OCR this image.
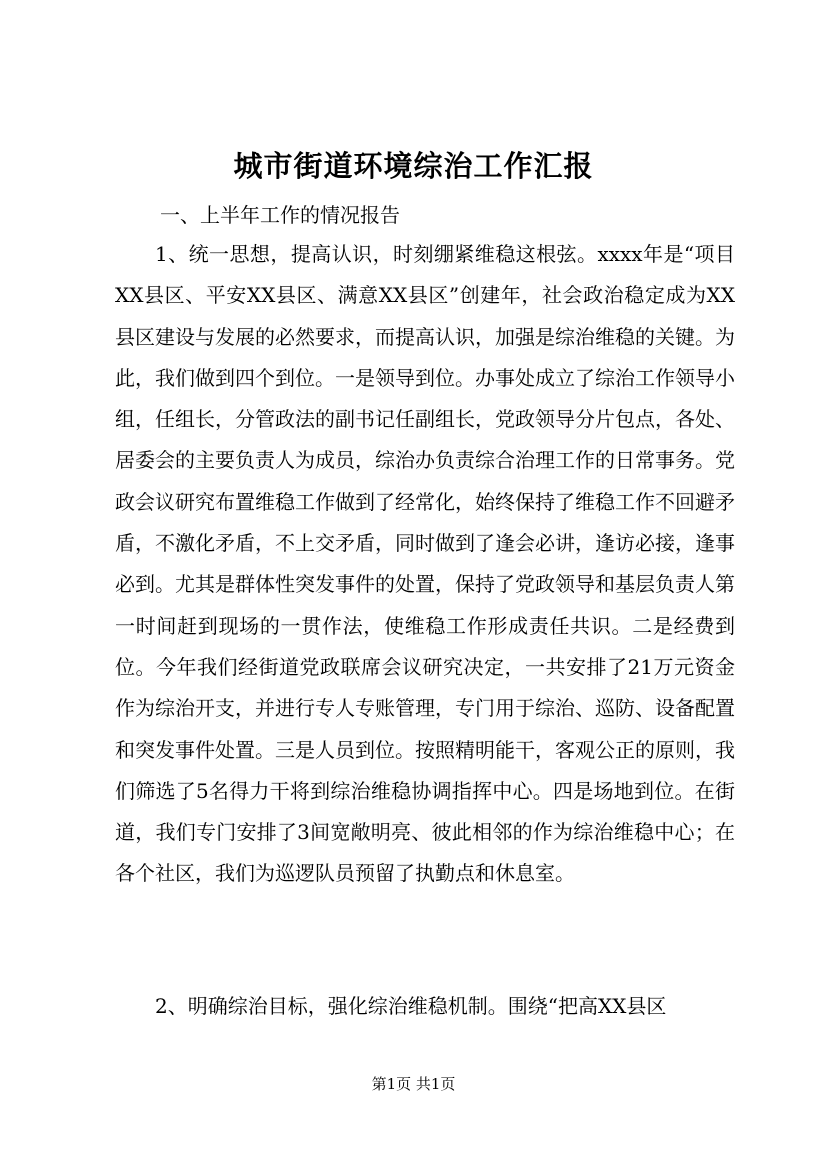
城市街道环境综治工作汇报
一、上半年工作的情况报告

1、统一思想，提高认识，时刻绷紧维稳这根弦。xxxx年是“项目XX县区、平安XX县区、满意XX县区”创建年，社会政治稳定成为XX县区建设与发展的必然要求，而提高认识，加强是综治维稳的关键。为此，我们做到四个到位。一是领导到位。办事处成立了综治工作领导小组，任组长，分管政法的副书记任副组长，党政领导分片包点，各处、居委会的主要负责人为成员，综治办负责综合治理工作的日常事务。党政会议研究布置维稳工作做到了经常化，始终保持了维稳工作不回避矛盾，不激化矛盾，不上交矛盾，同时做到了逢会必讲，逢访必接，逢事必到。尤其是群体性突发事件的处置，保持了党政领导和基层负责人第一时间赶到现场的一贯作法，使维稳工作形成责任共识。二是经费到位。今年我们经街道党政联席会议研究决定，一共安排了21万元资金作为综治开支，并进行专人专账管理，专门用于综治、巡防、设备配置和突发事件处置。三是人员到位。按照精明能干，客观公正的原则，我们筛选了5名得力干将到综治维稳协调指挥中心。四是场地到位。在街道，我们专门安排了3间宽敞明亮、彼此相邻的作为综治维稳中心；在各个社区，我们为巡逻队员预留了执勤点和休息室。

2、明确综治目标，强化综治维稳机制。围绕“把高XX县区

第1页 共1页
